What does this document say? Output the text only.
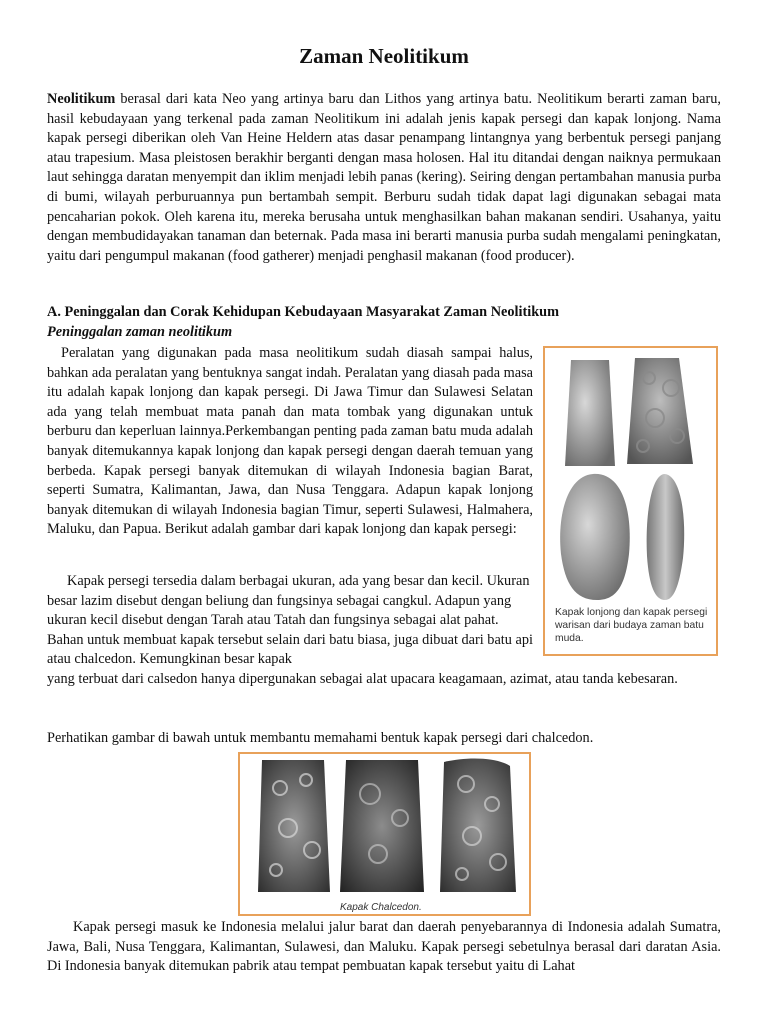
Zaman Neolitikum

Neolitikum berasal dari kata Neo yang artinya baru dan Lithos yang artinya batu. Neolitikum berarti zaman baru, hasil kebudayaan yang terkenal pada zaman Neolitikum ini adalah jenis kapak persegi dan kapak lonjong. Nama kapak persegi diberikan oleh Van Heine Heldern atas dasar penampang lintangnya yang berbentuk persegi panjang atau trapesium. Masa pleistosen berakhir berganti dengan masa holosen. Hal itu ditandai dengan naiknya permukaan laut sehingga daratan menyempit dan iklim menjadi lebih panas (kering). Seiring dengan pertambahan manusia purba di bumi, wilayah perburuannya pun bertambah sempit. Berburu sudah tidak dapat lagi digunakan sebagai mata pencaharian pokok. Oleh karena itu, mereka berusaha untuk menghasilkan bahan makanan sendiri. Usahanya, yaitu dengan membudidayakan tanaman dan beternak. Pada masa ini berarti manusia purba sudah mengalami peningkatan, yaitu dari pengumpul makanan (food gatherer) menjadi penghasil makanan (food producer).

A. Peninggalan dan Corak Kehidupan Kebudayaan Masyarakat Zaman Neolitikum
Peninggalan zaman neolitikum

Peralatan yang digunakan pada masa neolitikum sudah diasah sampai halus, bahkan ada peralatan yang bentuknya sangat indah. Peralatan yang diasah pada masa itu adalah kapak lonjong dan kapak persegi. Di Jawa Timur dan Sulawesi Selatan ada yang telah membuat mata panah dan mata tombak yang digunakan untuk berburu dan keperluan lainnya.Perkembangan penting pada zaman batu muda adalah banyak ditemukannya kapak lonjong dan kapak persegi dengan daerah temuan yang berbeda. Kapak persegi banyak ditemukan di wilayah Indonesia bagian Barat, seperti Sumatra, Kalimantan, Jawa, dan Nusa Tenggara. Adapun kapak lonjong banyak ditemukan di wilayah Indonesia bagian Timur, seperti Sulawesi, Halmahera, Maluku, dan Papua. Berikut adalah gambar dari kapak lonjong dan kapak persegi:

Kapak lonjong dan kapak persegi warisan dari budaya zaman batu muda.

Kapak persegi tersedia dalam berbagai ukuran, ada yang besar dan kecil. Ukuran besar lazim disebut dengan beliung dan fungsinya sebagai cangkul. Adapun yang ukuran kecil disebut dengan Tarah atau Tatah dan fungsinya sebagai alat pahat. Bahan untuk membuat kapak tersebut selain dari batu biasa, juga dibuat dari batu api atau chalcedon. Kemungkinan besar kapak

yang terbuat dari calsedon hanya dipergunakan sebagai alat upacara keagamaan, azimat, atau tanda kebesaran.

Perhatikan gambar di bawah untuk membantu memahami bentuk kapak persegi dari chalcedon.

Kapak Chalcedon.

Kapak persegi masuk ke Indonesia melalui jalur barat dan daerah penyebarannya di Indonesia adalah Sumatra, Jawa, Bali, Nusa Tenggara, Kalimantan, Sulawesi, dan Maluku. Kapak persegi sebetulnya berasal dari daratan Asia. Di Indonesia banyak ditemukan pabrik atau tempat pembuatan kapak tersebut yaitu di Lahat
